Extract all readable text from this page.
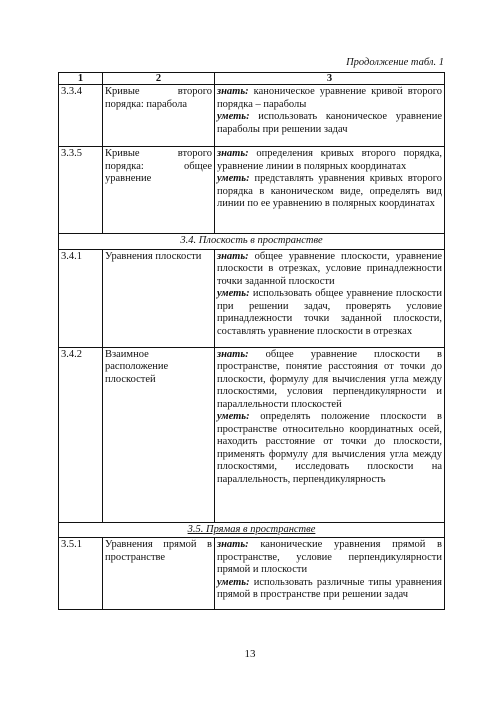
Продолжение табл. 1
1	2	3
3.3.4	Кривые второго порядка: парабола	знать: каноническое уравнение кривой второго порядка – параболы
уметь: использовать каноническое уравнение параболы при решении задач

3.3.5	Кривые второго порядка: общее уравнение	знать: определения кривых второго порядка, уравнение линии в полярных координатах
уметь: представлять уравнения кривых второго порядка в каноническом виде, определять вид линии по ее уравнению в полярных координатах

3.4. Плоскость в пространстве		
3.4.1	Уравнения плоскости	знать: общее уравнение плоскости, уравнение плоскости в отрезках, условие принадлежности точки заданной плоскости
уметь: использовать общее уравнение плоскости при решении задач, проверять условие принадлежности точки заданной плоскости, составлять уравнение плоскости в отрезках

3.4.2	Взаимное расположение плоскостей	знать: общее уравнение плоскости в пространстве, понятие расстояния от точки до плоскости, формулу для вычисления угла между плоскостями, условия перпендикулярности и параллельности плоскостей
уметь: определять положение плоскости в пространстве относительно координатных осей, находить расстояние от точки до плоскости, применять формулу для вычисления угла между плоскостями, исследовать плоскости на параллельность, перпендикулярность

3.5. Прямая в пространстве		
3.5.1	Уравнения прямой в пространстве	знать: канонические уравнения прямой в пространстве, условие перпендикулярности прямой и плоскости
уметь: использовать различные типы уравнения прямой в пространстве при решении задач
13
